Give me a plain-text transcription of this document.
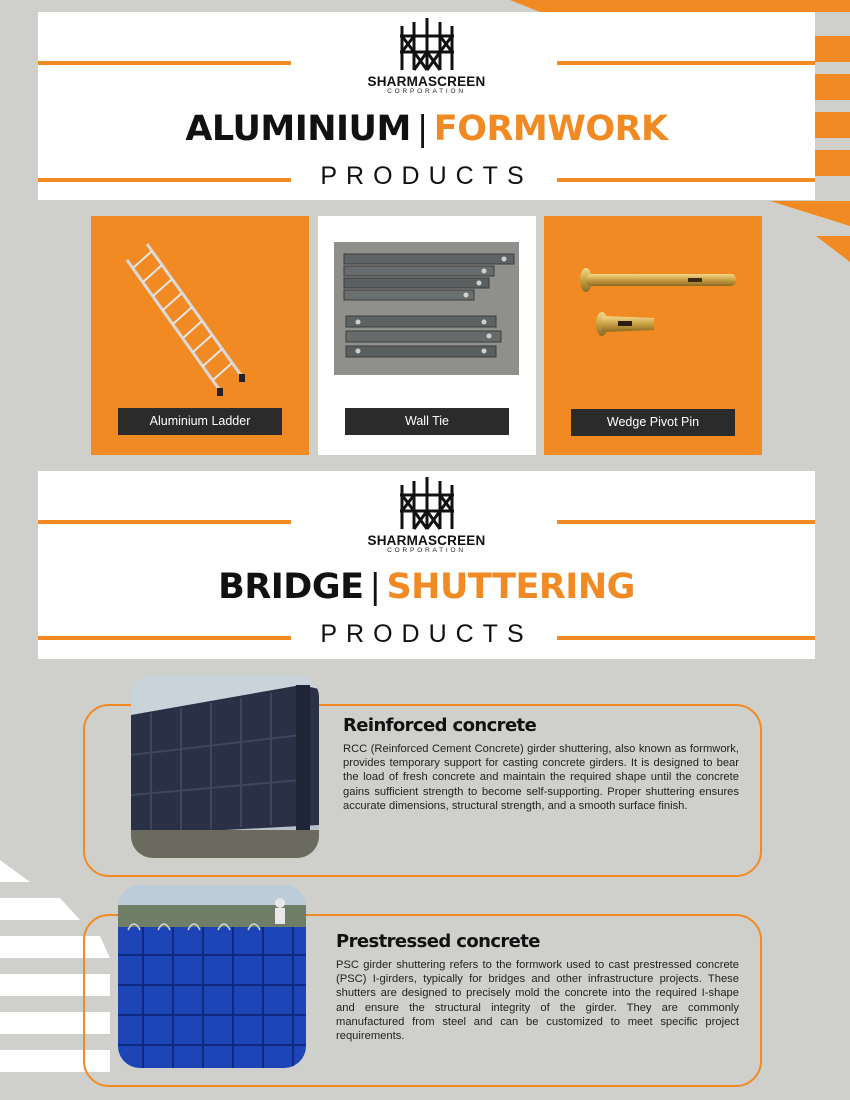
SHARMASCREEN
CORPORATION
ALUMINIUM | FORMWORK
PRODUCTS
Aluminium Ladder	Wall Tie	Wedge Pivot Pin
SHARMASCREEN
CORPORATION
BRIDGE | SHUTTERING
PRODUCTS
Reinforced concrete

RCC (Reinforced Cement Concrete) girder shuttering, also known as formwork, provides temporary support for casting concrete girders. It is designed to bear the load of fresh concrete and maintain the required shape until the concrete gains sufficient strength to become self-supporting. Proper shuttering ensures accurate dimensions, structural strength, and a smooth surface finish.

Prestressed concrete

PSC girder shuttering refers to the formwork used to cast prestressed concrete (PSC) I-girders, typically for bridges and other infrastructure projects. These shutters are designed to precisely mold the concrete into the required I-shape and ensure the structural integrity of the girder. They are commonly manufactured from steel and can be customized to meet specific project requirements.
